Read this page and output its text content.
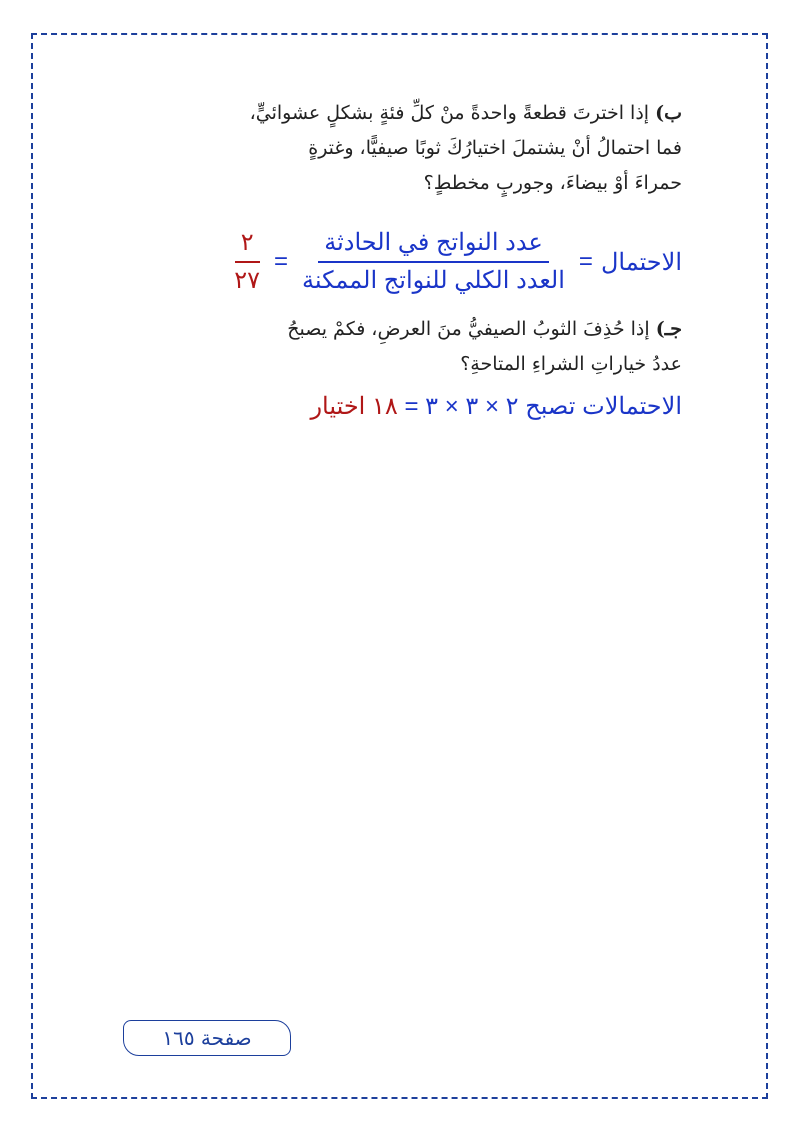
ب) إذا اخترتَ قطعةً واحدةً منْ كلِّ فئةٍ بشكلٍ عشوائيٍّ،
فما احتمالُ أنْ يشتملَ اختيارُكَ ثوبًا صيفيًّا، وغترةٍ
حمراءَ أوْ بيضاءَ، وجوربٍ مخططٍ؟
الاحتمال
=
$\frac{\text{عدد النواتج في الحادثة}}{\text{العدد الكلي للنواتج الممكنة}}$
=
$\frac{٢}{٢٧}$
جـ) إذا حُذِفَ الثوبُ الصيفيُّ منَ العرضِ، فكمْ يصبحُ
عددُ خياراتِ الشراءِ المتاحةِ؟
الاحتمالات تصبح ٢ × ٣ × ٣ = ١٨ اختيار
صفحة ١٦٥
